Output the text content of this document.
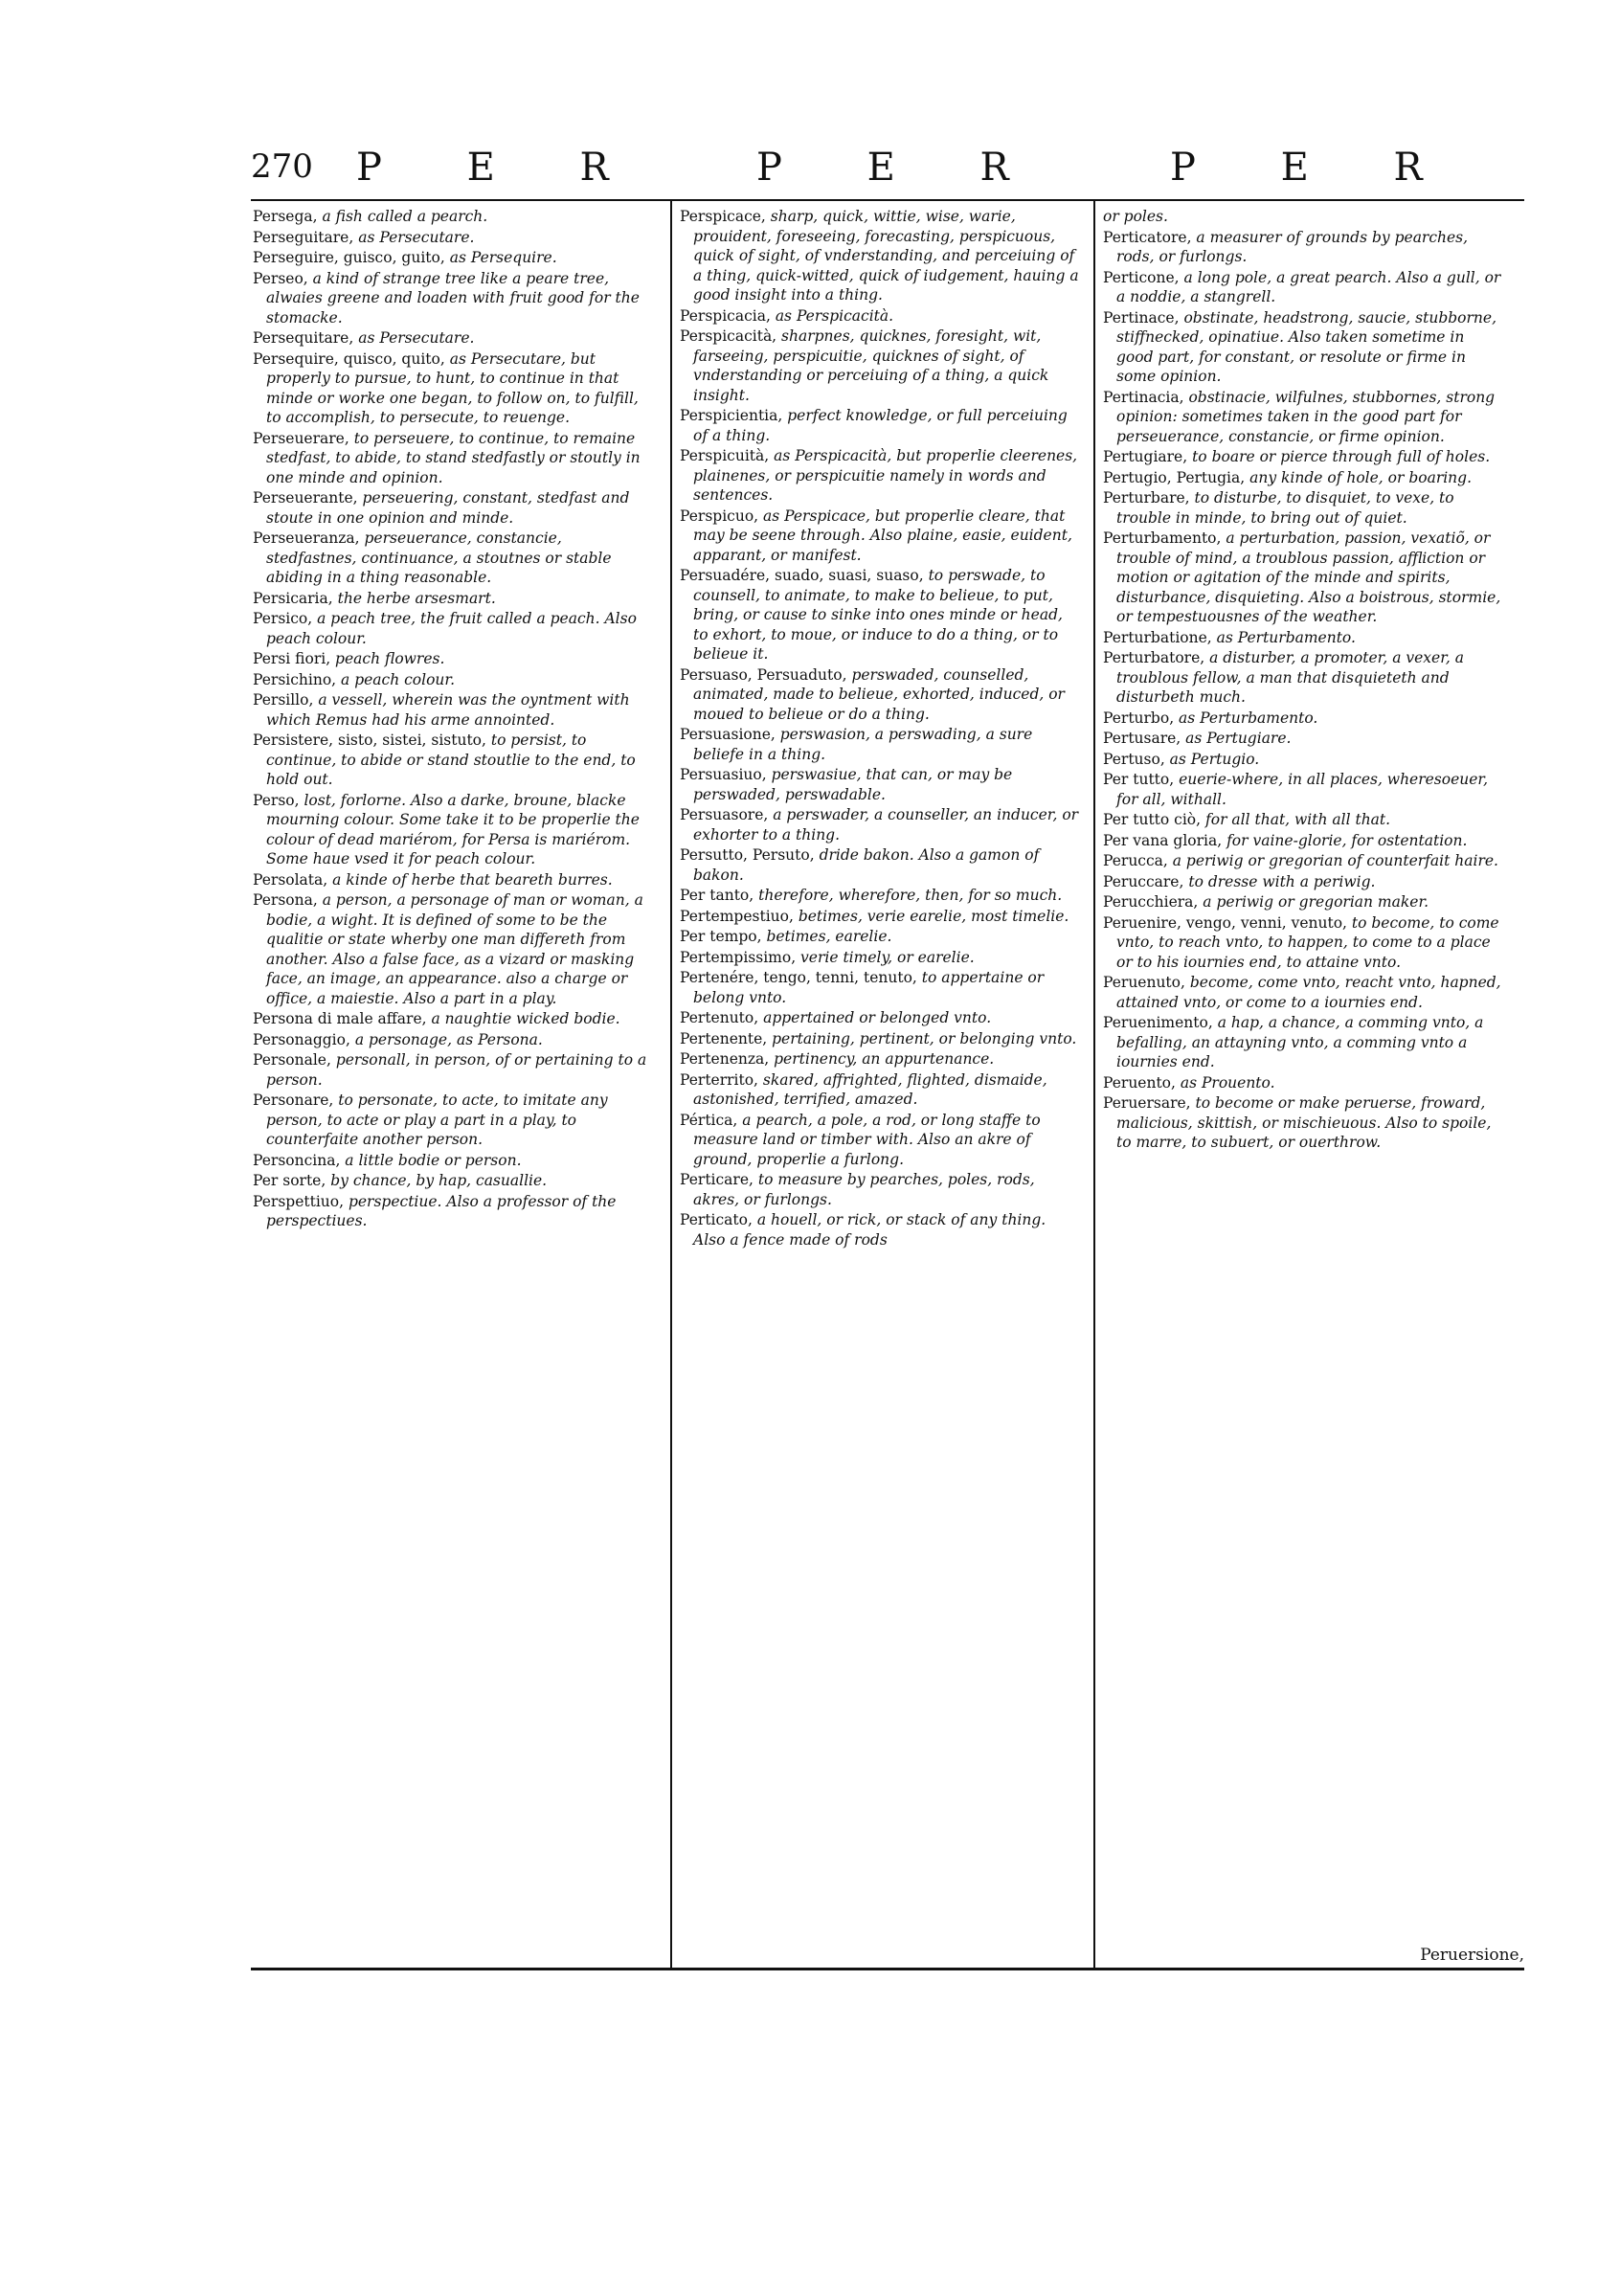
270 P E R	P E R	P E R

Persega, a fish called a pearch.

Perseguitare, as Persecutare.

Perseguire, guisco, guito, as Persequire.

Perseo, a kind of strange tree like a peare tree, alwaies greene and loaden with fruit good for the stomacke.

Persequitare, as Persecutare.

Persequire, quisco, quito, as Persecutare, but properly to pursue, to hunt, to continue in that minde or worke one began, to follow on, to fulfill, to accomplish, to persecute, to reuenge.

Perseuerare, to perseuere, to continue, to remaine stedfast, to abide, to stand stedfastly or stoutly in one minde and opinion.

Perseuerante, perseuering, constant, stedfast and stoute in one opinion and minde.

Perseueranza, perseuerance, constancie, stedfastnes, continuance, a stoutnes or stable abiding in a thing reasonable.

Persicaria, the herbe arsesmart.

Persico, a peach tree, the fruit called a peach. Also peach colour.

Persi fiori, peach flowres.

Persichino, a peach colour.

Persillo, a vessell, wherein was the oyntment with which Remus had his arme annointed.

Persistere, sisto, sistei, sistuto, to persist, to continue, to abide or stand stoutlie to the end, to hold out.

Perso, lost, forlorne. Also a darke, broune, blacke mourning colour. Some take it to be properlie the colour of dead mariérom, for Persa is mariérom. Some haue vsed it for peach colour.

Persolata, a kinde of herbe that beareth burres.

Persona, a person, a personage of man or woman, a bodie, a wight. It is defined of some to be the qualitie or state wherby one man differeth from another. Also a false face, as a vizard or masking face, an image, an appearance. also a charge or office, a maiestie. Also a part in a play.

Persona di male affare, a naughtie wicked bodie.

Personaggio, a personage, as Persona.

Personale, personall, in person, of or pertaining to a person.

Personare, to personate, to acte, to imitate any person, to acte or play a part in a play, to counterfaite another person.

Personcina, a little bodie or person.

Per sorte, by chance, by hap, casuallie.

Perspettiuo, perspectiue. Also a professor of the perspectiues.

Perspicace, sharp, quick, wittie, wise, warie, prouident, foreseeing, forecasting, perspicuous, quick of sight, of vnderstanding, and perceiuing of a thing, quick-witted, quick of iudgement, hauing a good insight into a thing.

Perspicacia, as Perspicacità.

Perspicacità, sharpnes, quicknes, foresight, wit, farseeing, perspicuitie, quicknes of sight, of vnderstanding or perceiuing of a thing, a quick insight.

Perspicientia, perfect knowledge, or full perceiuing of a thing.

Perspicuità, as Perspicacità, but properlie cleerenes, plainenes, or perspicuitie namely in words and sentences.

Perspicuo, as Perspicace, but properlie cleare, that may be seene through. Also plaine, easie, euident, apparant, or manifest.

Persuadére, suado, suasi, suaso, to perswade, to counsell, to animate, to make to belieue, to put, bring, or cause to sinke into ones minde or head, to exhort, to moue, or induce to do a thing, or to belieue it.

Persuaso, Persuaduto, perswaded, counselled, animated, made to belieue, exhorted, induced, or moued to belieue or do a thing.

Persuasione, perswasion, a perswading, a sure beliefe in a thing.

Persuasiuo, perswasiue, that can, or may be perswaded, perswadable.

Persuasore, a perswader, a counseller, an inducer, or exhorter to a thing.

Persutto, Persuto, dride bakon. Also a gamon of bakon.

Per tanto, therefore, wherefore, then, for so much.

Pertempestiuo, betimes, verie earelie, most timelie.

Per tempo, betimes, earelie.

Pertempissimo, verie timely, or earelie.

Pertenére, tengo, tenni, tenuto, to appertaine or belong vnto.

Pertenuto, appertained or belonged vnto.

Pertenente, pertaining, pertinent, or belonging vnto.

Pertenenza, pertinency, an appurtenance.

Perterrito, skared, affrighted, flighted, dismaide, astonished, terrified, amazed.

Pértica, a pearch, a pole, a rod, or long staffe to measure land or timber with. Also an akre of ground, properlie a furlong.

Perticare, to measure by pearches, poles, rods, akres, or furlongs.

Perticato, a houell, or rick, or stack of any thing. Also a fence made of rods

or poles.

Perticatore, a measurer of grounds by pearches, rods, or furlongs.

Perticone, a long pole, a great pearch. Also a gull, or a noddie, a stangrell.

Pertinace, obstinate, headstrong, saucie, stubborne, stiffnecked, opinatiue. Also taken sometime in good part, for constant, or resolute or firme in some opinion.

Pertinacia, obstinacie, wilfulnes, stubbornes, strong opinion: sometimes taken in the good part for perseuerance, constancie, or firme opinion.

Pertugiare, to boare or pierce through full of holes.

Pertugio, Pertugia, any kinde of hole, or boaring.

Perturbare, to disturbe, to disquiet, to vexe, to trouble in minde, to bring out of quiet.

Perturbamento, a perturbation, passion, vexatiõ, or trouble of mind, a troublous passion, affliction or motion or agitation of the minde and spirits, disturbance, disquieting. Also a boistrous, stormie, or tempestuousnes of the weather.

Perturbatione, as Perturbamento.

Perturbatore, a disturber, a promoter, a vexer, a troublous fellow, a man that disquieteth and disturbeth much.

Perturbo, as Perturbamento.

Pertusare, as Pertugiare.

Pertuso, as Pertugio.

Per tutto, euerie-where, in all places, wheresoeuer, for all, withall.

Per tutto ciò, for all that, with all that.

Per vana gloria, for vaine-glorie, for ostentation.

Perucca, a periwig or gregorian of counterfait haire.

Peruccare, to dresse with a periwig.

Perucchiera, a periwig or gregorian maker.

Peruenire, vengo, venni, venuto, to become, to come vnto, to reach vnto, to happen, to come to a place or to his iournies end, to attaine vnto.

Peruenuto, become, come vnto, reacht vnto, hapned, attained vnto, or come to a iournies end.

Peruenimento, a hap, a chance, a comming vnto, a befalling, an attayning vnto, a comming vnto a iournies end.

Peruento, as Prouento.

Peruersare, to become or make peruerse, froward, malicious, skittish, or mischieuous. Also to spoile, to marre, to subuert, or ouerthrow.

Peruersione,
